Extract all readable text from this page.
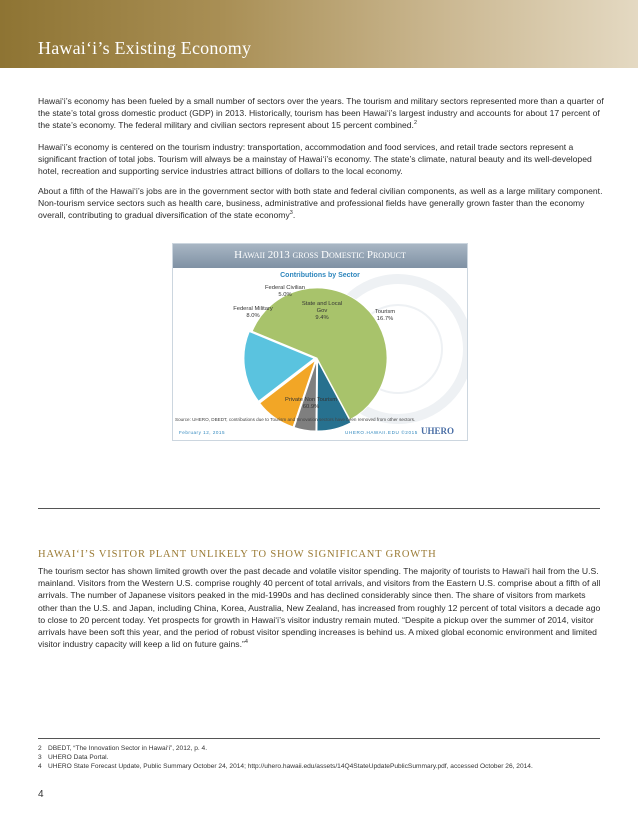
Hawai‘i’s Existing Economy

Hawai‘i’s economy has been fueled by a small number of sectors over the years. The tourism and military sectors represented more than a quarter of the state’s total gross domestic product (GDP) in 2013. Historically, tourism has been Hawai‘i’s largest industry and accounts for about 17 percent of the state’s economy. The federal military and civilian sectors represent about 15 percent combined.$^2$

Hawai‘i’s economy is centered on the tourism industry: transportation, accommodation and food services, and retail trade sectors represent a significant fraction of total jobs. Tourism will always be a mainstay of Hawai‘i’s economy. The state’s climate, natural beauty and its well-developed hotel, recreation and supporting service industries attract billions of dollars to the local economy.

About a fifth of the Hawai‘i’s jobs are in the government sector with both state and federal civilian components, as well as a large military component. Non-tourism service sectors such as health care, business, administrative and professional fields have generally grown faster than the economy overall, contributing to gradual diversification of the state economy$^3$.

Hawaii 2013 gross Domestic Product
Contributions by Sector
Private Non Tourism
60.9%
Federal Military
8.0%
Federal Civilian
5.0%
State and Local Gov
9.4%
Tourism
16.7%
Source: UHERO, DBEDT, contributions due to Tourism and Innovation sectors have been removed from other sectors.
February 12, 2015	UHERO.HAWAII.EDU ©2015 UHERO
HAWAI‘I’S VISITOR PLANT UNLIKELY TO SHOW SIGNIFICANT GROWTH

The tourism sector has shown limited growth over the past decade and volatile visitor spending. The majority of tourists to Hawai‘i hail from the U.S. mainland. Visitors from the Western U.S. comprise roughly 40 percent of total arrivals, and visitors from the Eastern U.S. comprise about a fifth of all arrivals. The number of Japanese visitors peaked in the mid-1990s and has declined considerably since then. The share of visitors from markets other than the U.S. and Japan, including China, Korea, Australia, New Zealand, has increased from roughly 12 percent of total visitors a decade ago to close to 20 percent today. Yet prospects for growth in Hawai‘i’s visitor industry remain muted. “Despite a pickup over the summer of 2014, visitor arrivals have been soft this year, and the period of robust visitor spending increases is behind us. A mixed global economic environment and limited visitor industry capacity will keep a lid on future gains.”$^4$

2 DBEDT, “The Innovation Sector in Hawai‘i”, 2012, p. 4.
3 UHERO Data Portal.
4 UHERO State Forecast Update, Public Summary October 24, 2014; http://uhero.hawaii.edu/assets/14Q4StateUpdatePublicSummary.pdf, accessed October 26, 2014.
4
